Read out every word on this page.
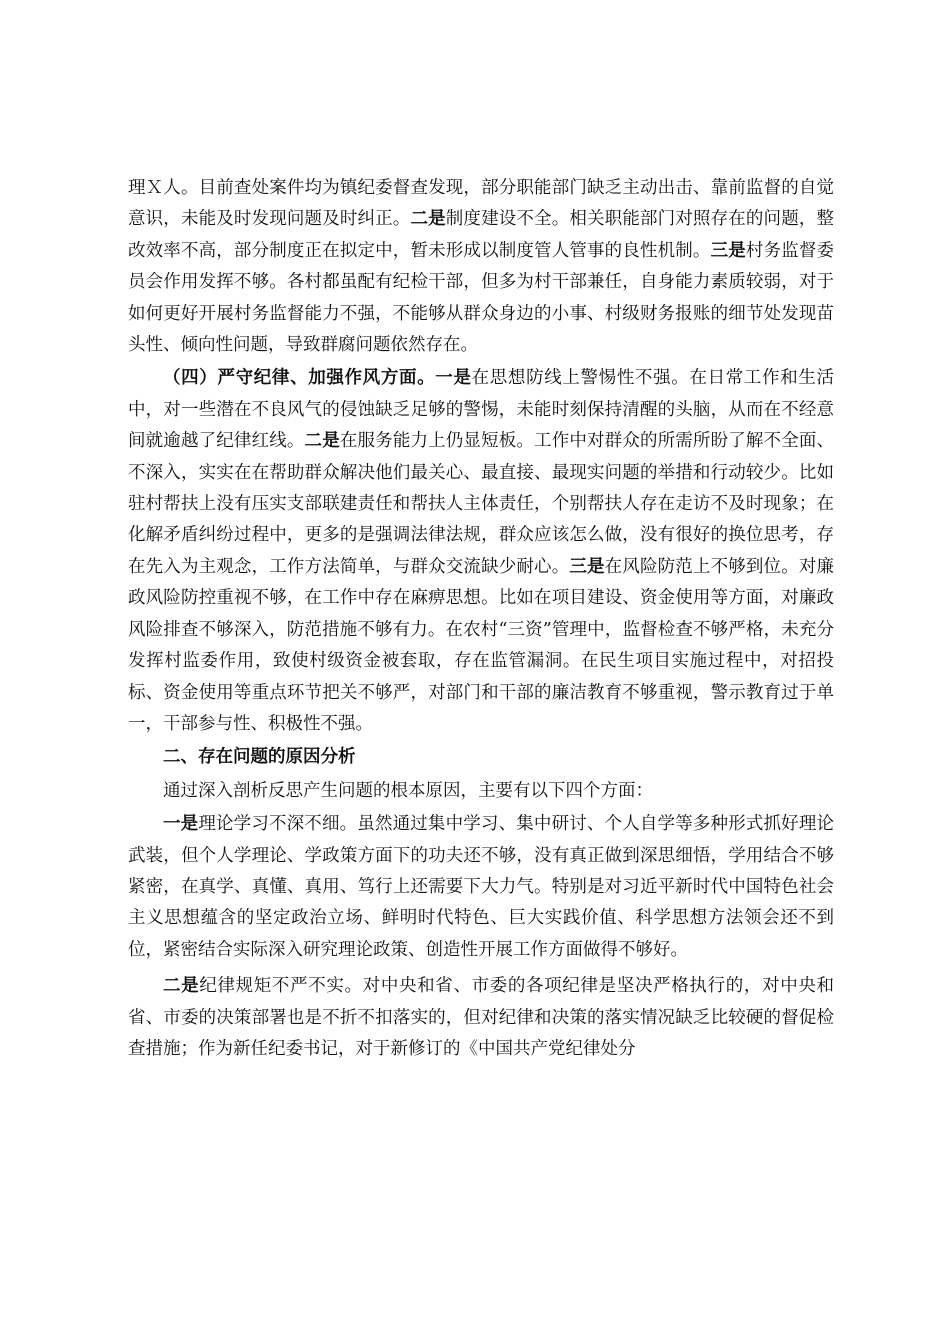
理Ｘ人。目前查处案件均为镇纪委督查发现，部分职能部门缺乏主动出击、靠前监督的自觉意识，未能及时发现问题及时纠正。二是制度建设不全。相关职能部门对照存在的问题，整改效率不高，部分制度正在拟定中，暂未形成以制度管人管事的良性机制。三是村务监督委员会作用发挥不够。各村都虽配有纪检干部，但多为村干部兼任，自身能力素质较弱，对于如何更好开展村务监督能力不强，不能够从群众身边的小事、村级财务报账的细节处发现苗头性、倾向性问题，导致群腐问题依然存在。

（四）严守纪律、加强作风方面。一是在思想防线上警惕性不强。在日常工作和生活中，对一些潜在不良风气的侵蚀缺乏足够的警惕，未能时刻保持清醒的头脑，从而在不经意间就逾越了纪律红线。二是在服务能力上仍显短板。工作中对群众的所需所盼了解不全面、不深入，实实在在帮助群众解决他们最关心、最直接、最现实问题的举措和行动较少。比如驻村帮扶上没有压实支部联建责任和帮扶人主体责任，个别帮扶人存在走访不及时现象；在化解矛盾纠纷过程中，更多的是强调法律法规，群众应该怎么做，没有很好的换位思考，存在先入为主观念，工作方法简单，与群众交流缺少耐心。三是在风险防范上不够到位。对廉政风险防控重视不够，在工作中存在麻痹思想。比如在项目建设、资金使用等方面，对廉政风险排查不够深入，防范措施不够有力。在农村“三资”管理中，监督检查不够严格，未充分发挥村监委作用，致使村级资金被套取，存在监管漏洞。在民生项目实施过程中，对招投标、资金使用等重点环节把关不够严，对部门和干部的廉洁教育不够重视，警示教育过于单一，干部参与性、积极性不强。

二、存在问题的原因分析

通过深入剖析反思产生问题的根本原因，主要有以下四个方面：

一是理论学习不深不细。虽然通过集中学习、集中研讨、个人自学等多种形式抓好理论武装，但个人学理论、学政策方面下的功夫还不够，没有真正做到深思细悟，学用结合不够紧密，在真学、真懂、真用、笃行上还需要下大力气。特别是对习近平新时代中国特色社会主义思想蕴含的坚定政治立场、鲜明时代特色、巨大实践价值、科学思想方法领会还不到位，紧密结合实际深入研究理论政策、创造性开展工作方面做得不够好。

二是纪律规矩不严不实。对中央和省、市委的各项纪律是坚决严格执行的，对中央和省、市委的决策部署也是不折不扣落实的，但对纪律和决策的落实情况缺乏比较硬的督促检查措施；作为新任纪委书记，对于新修订的《中国共产党纪律处分
